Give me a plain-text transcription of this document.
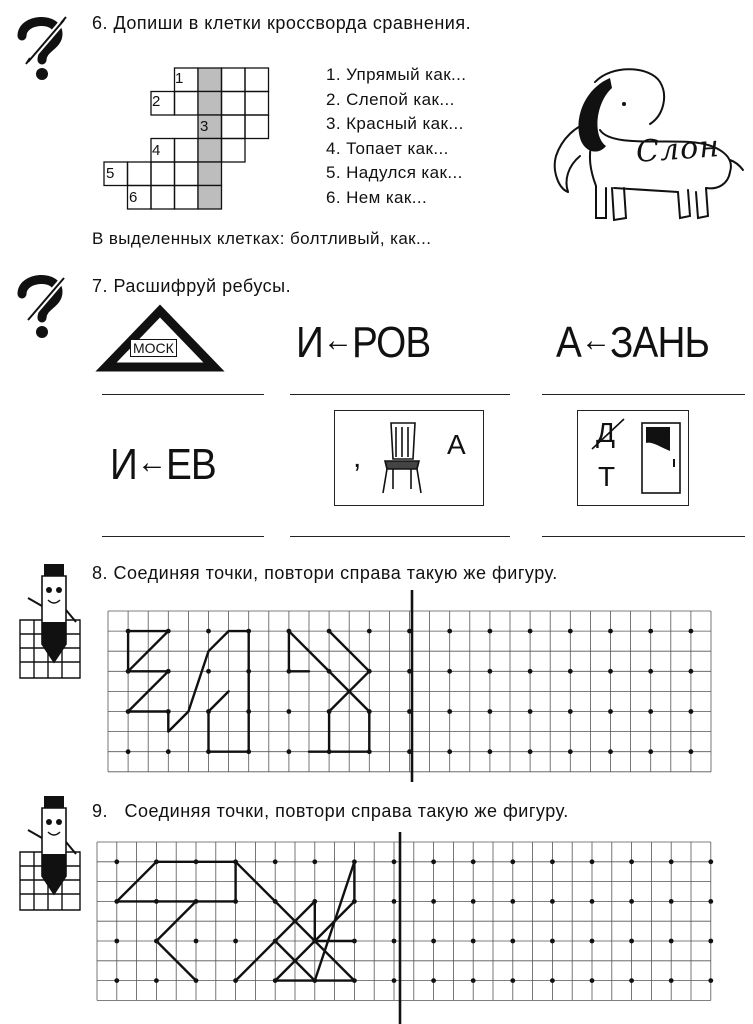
6. Допиши в клетки кроссворда сравнения.
1
2
3
4
5
6
1. Упрямый как...
2. Слепой как...
3. Красный как...
4. Топает как...
5. Надулся как...
6. Нем как...
Слон
В выделенных клетках: болтливый, как...
7. Расшифруй ребусы.
МОСК	И←РОВ	А←ЗАНЬ
И←ЕВ	,	А	Д
Т
8. Соединяя точки, повтори справа такую же фигуру.
9.   Соединяя точки, повтори справа такую же фигуру.
